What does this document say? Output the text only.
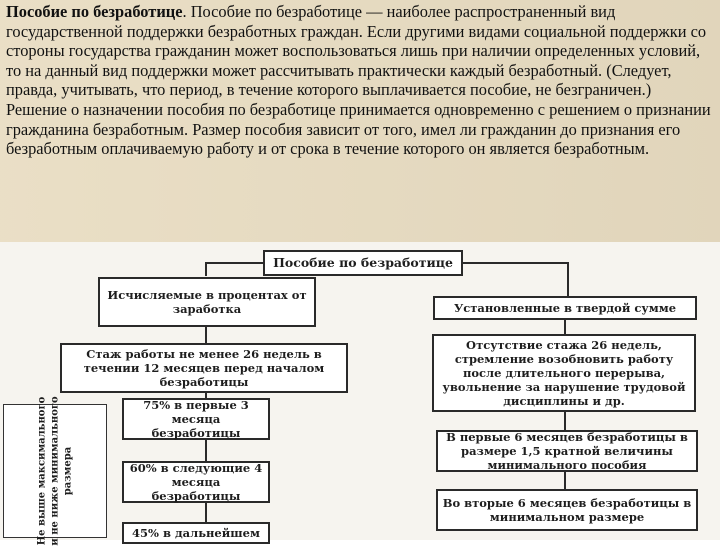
Пособие по безработице. Пособие по безработице — наиболее распространенный вид государственной поддержки безработных граждан. Если другими видами социальной поддержки со стороны государства гражданин может воспользоваться лишь при наличии определенных условий, то на данный вид поддержки может рассчитывать практически каждый безработный. (Следует, правда, учитывать, что период, в течение которого выплачивается пособие, не безграничен.)

Решение о назначении пособия по безработице принимается одновременно с решением о признании гражданина безработным. Размер пособия зависит от того, имел ли гражданин до признания его безработным оплачиваемую работу и от срока в течение которого он является безработным.

Пособие по безработице
Исчисляемые в процентах от заработка
Стаж работы не менее 26 недель в течении 12 месяцев перед началом безработицы
75% в первые 3 месяца безработицы
60% в следующие 4 месяца безработицы
45% в дальнейшем
Установленные в твердой сумме
Отсутствие стажа 26 недель, стремление возобновить работу после длительного перерыва, увольнение за нарушение трудовой дисциплины и др.
В первые 6 месяцев безработицы в размере 1,5 кратной величины минимального пособия
Во вторые 6 месяцев безработицы в минимальном размере
Не выше максимального и не ниже минимального размера
